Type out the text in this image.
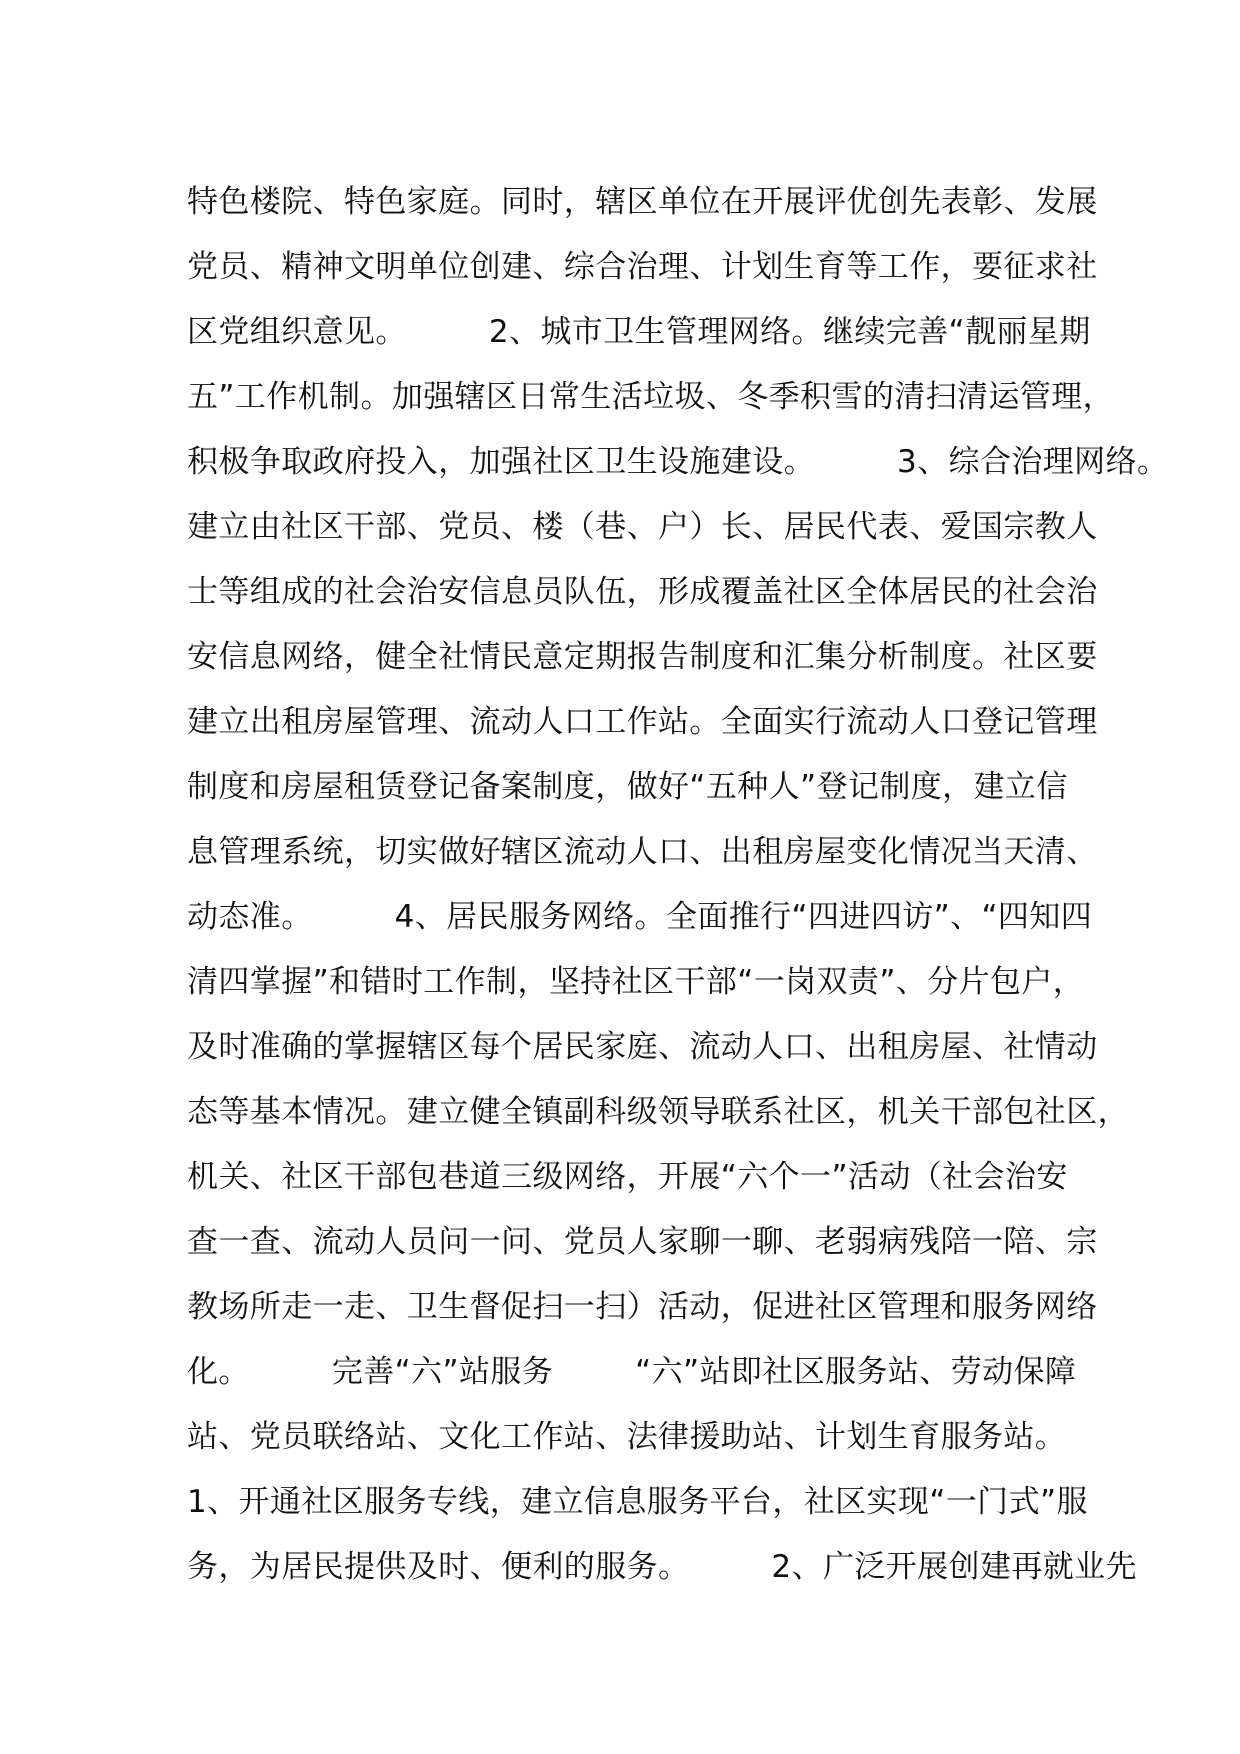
特色楼院、特色家庭。同时，辖区单位在开展评优创先表彰、发展
党员、精神文明单位创建、综合治理、计划生育等工作，要征求社
区党组织意见。        2、城市卫生管理网络。继续完善“靓丽星期
五”工作机制。加强辖区日常生活垃圾、冬季积雪的清扫清运管理，
积极争取政府投入，加强社区卫生设施建设。        3、综合治理网络。
建立由社区干部、党员、楼（巷、户）长、居民代表、爱国宗教人
士等组成的社会治安信息员队伍，形成覆盖社区全体居民的社会治
安信息网络，健全社情民意定期报告制度和汇集分析制度。社区要
建立出租房屋管理、流动人口工作站。全面实行流动人口登记管理
制度和房屋租赁登记备案制度，做好“五种人”登记制度，建立信
息管理系统，切实做好辖区流动人口、出租房屋变化情况当天清、
动态准。        4、居民服务网络。全面推行“四进四访”、“四知四
清四掌握”和错时工作制，坚持社区干部“一岗双责”、分片包户，
及时准确的掌握辖区每个居民家庭、流动人口、出租房屋、社情动
态等基本情况。建立健全镇副科级领导联系社区，机关干部包社区，
机关、社区干部包巷道三级网络，开展“六个一”活动（社会治安
查一查、流动人员问一问、党员人家聊一聊、老弱病残陪一陪、宗
教场所走一走、卫生督促扫一扫）活动，促进社区管理和服务网络
化。        完善“六”站服务        “六”站即社区服务站、劳动保障
站、党员联络站、文化工作站、法律援助站、计划生育服务站。
1、开通社区服务专线，建立信息服务平台，社区实现“一门式”服
务，为居民提供及时、便利的服务。        2、广泛开展创建再就业先
